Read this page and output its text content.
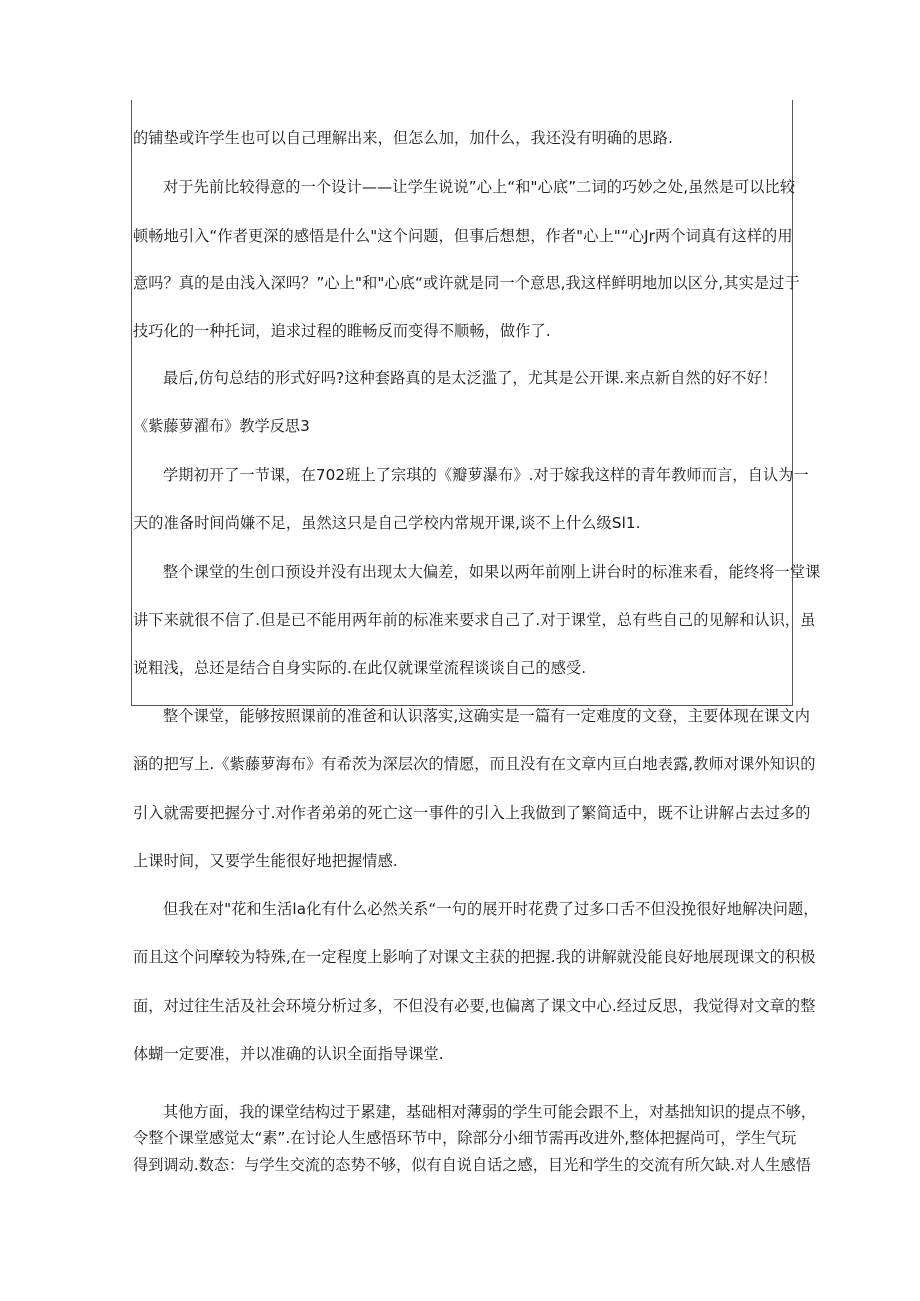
的铺垫或许学生也可以自己理解出来，但怎么加，加什么，我还没有明确的思路.
对于先前比较得意的一个设计——让学生说说”心上“和"心底”二词的巧妙之处,虽然是可以比较
顿畅地引入“作者更深的感悟是什么"这个问题，但事后想想，作者"心上"“心Jr两个词真有这样的用
意吗？真的是由浅入深吗？”心上"和"心底“或许就是同一个意思,我这样鲜明地加以区分,其实是过于
技巧化的一种托词，追求过程的睢畅反而变得不顺畅，做作了.
最后,仿句总结的形式好吗?这种套路真的是太泛滥了，尤其是公开课.来点新自然的好不好！
《紫藤萝濯布》教学反思3
学期初开了一节课，在702班上了宗琪的《瓣萝瀑布》.对于嫁我这样的青年教师而言，自认为一
天的准备时间尚嫌不足，虽然这只是自己学校内常规开课,谈不上什么级Sl1.
整个课堂的生创口预设并没有出现太大偏差，如果以两年前刚上讲台时的标准来看，能终将一堂课
讲下来就很不信了.但是已不能用两年前的标准来要求自己了.对于课堂，总有些自己的见解和认识，虽
说粗浅，总还是结合自身实际的.在此仅就课堂流程谈谈自己的感受.
整个课堂，能够按照课前的准爸和认识落实,这确实是一篇有一定难度的文登，主要体现在课文内
涵的把写上.《紫藤萝海布》有希茨为深层次的情愿，而且没有在文章内亘白地表露,教师对课外知识的
引入就需要把握分寸.对作者弟弟的死亡这一事件的引入上我做到了繁简适中，既不让讲解占去过多的
上课时间，又要学生能很好地把握情感.
但我在对"花和生活la化有什么必然关系“一句的展开时花费了过多口舌不但没挽很好地解决问题，
而且这个问摩较为特殊,在一定程度上影响了对课文主获的把握.我的讲解就没能良好地展现课文的积极
面，对过往生活及社会环境分析过多，不但没有必要,也偏离了课文中心.经过反思，我觉得对文章的整
体蝴一定要准，并以准确的认识全面指导课堂.
其他方面，我的课堂结构过于累建，基础相对薄弱的学生可能会跟不上，对基拙知识的提点不够，
令整个课堂感觉太“素”.在讨论人生感悟环节中，除部分小细节需再改进外,整体把握尚可，学生气玩
得到调动.数态：与学生交流的态势不够，似有自说自话之感，目光和学生的交流有所欠缺.对人生感悟
